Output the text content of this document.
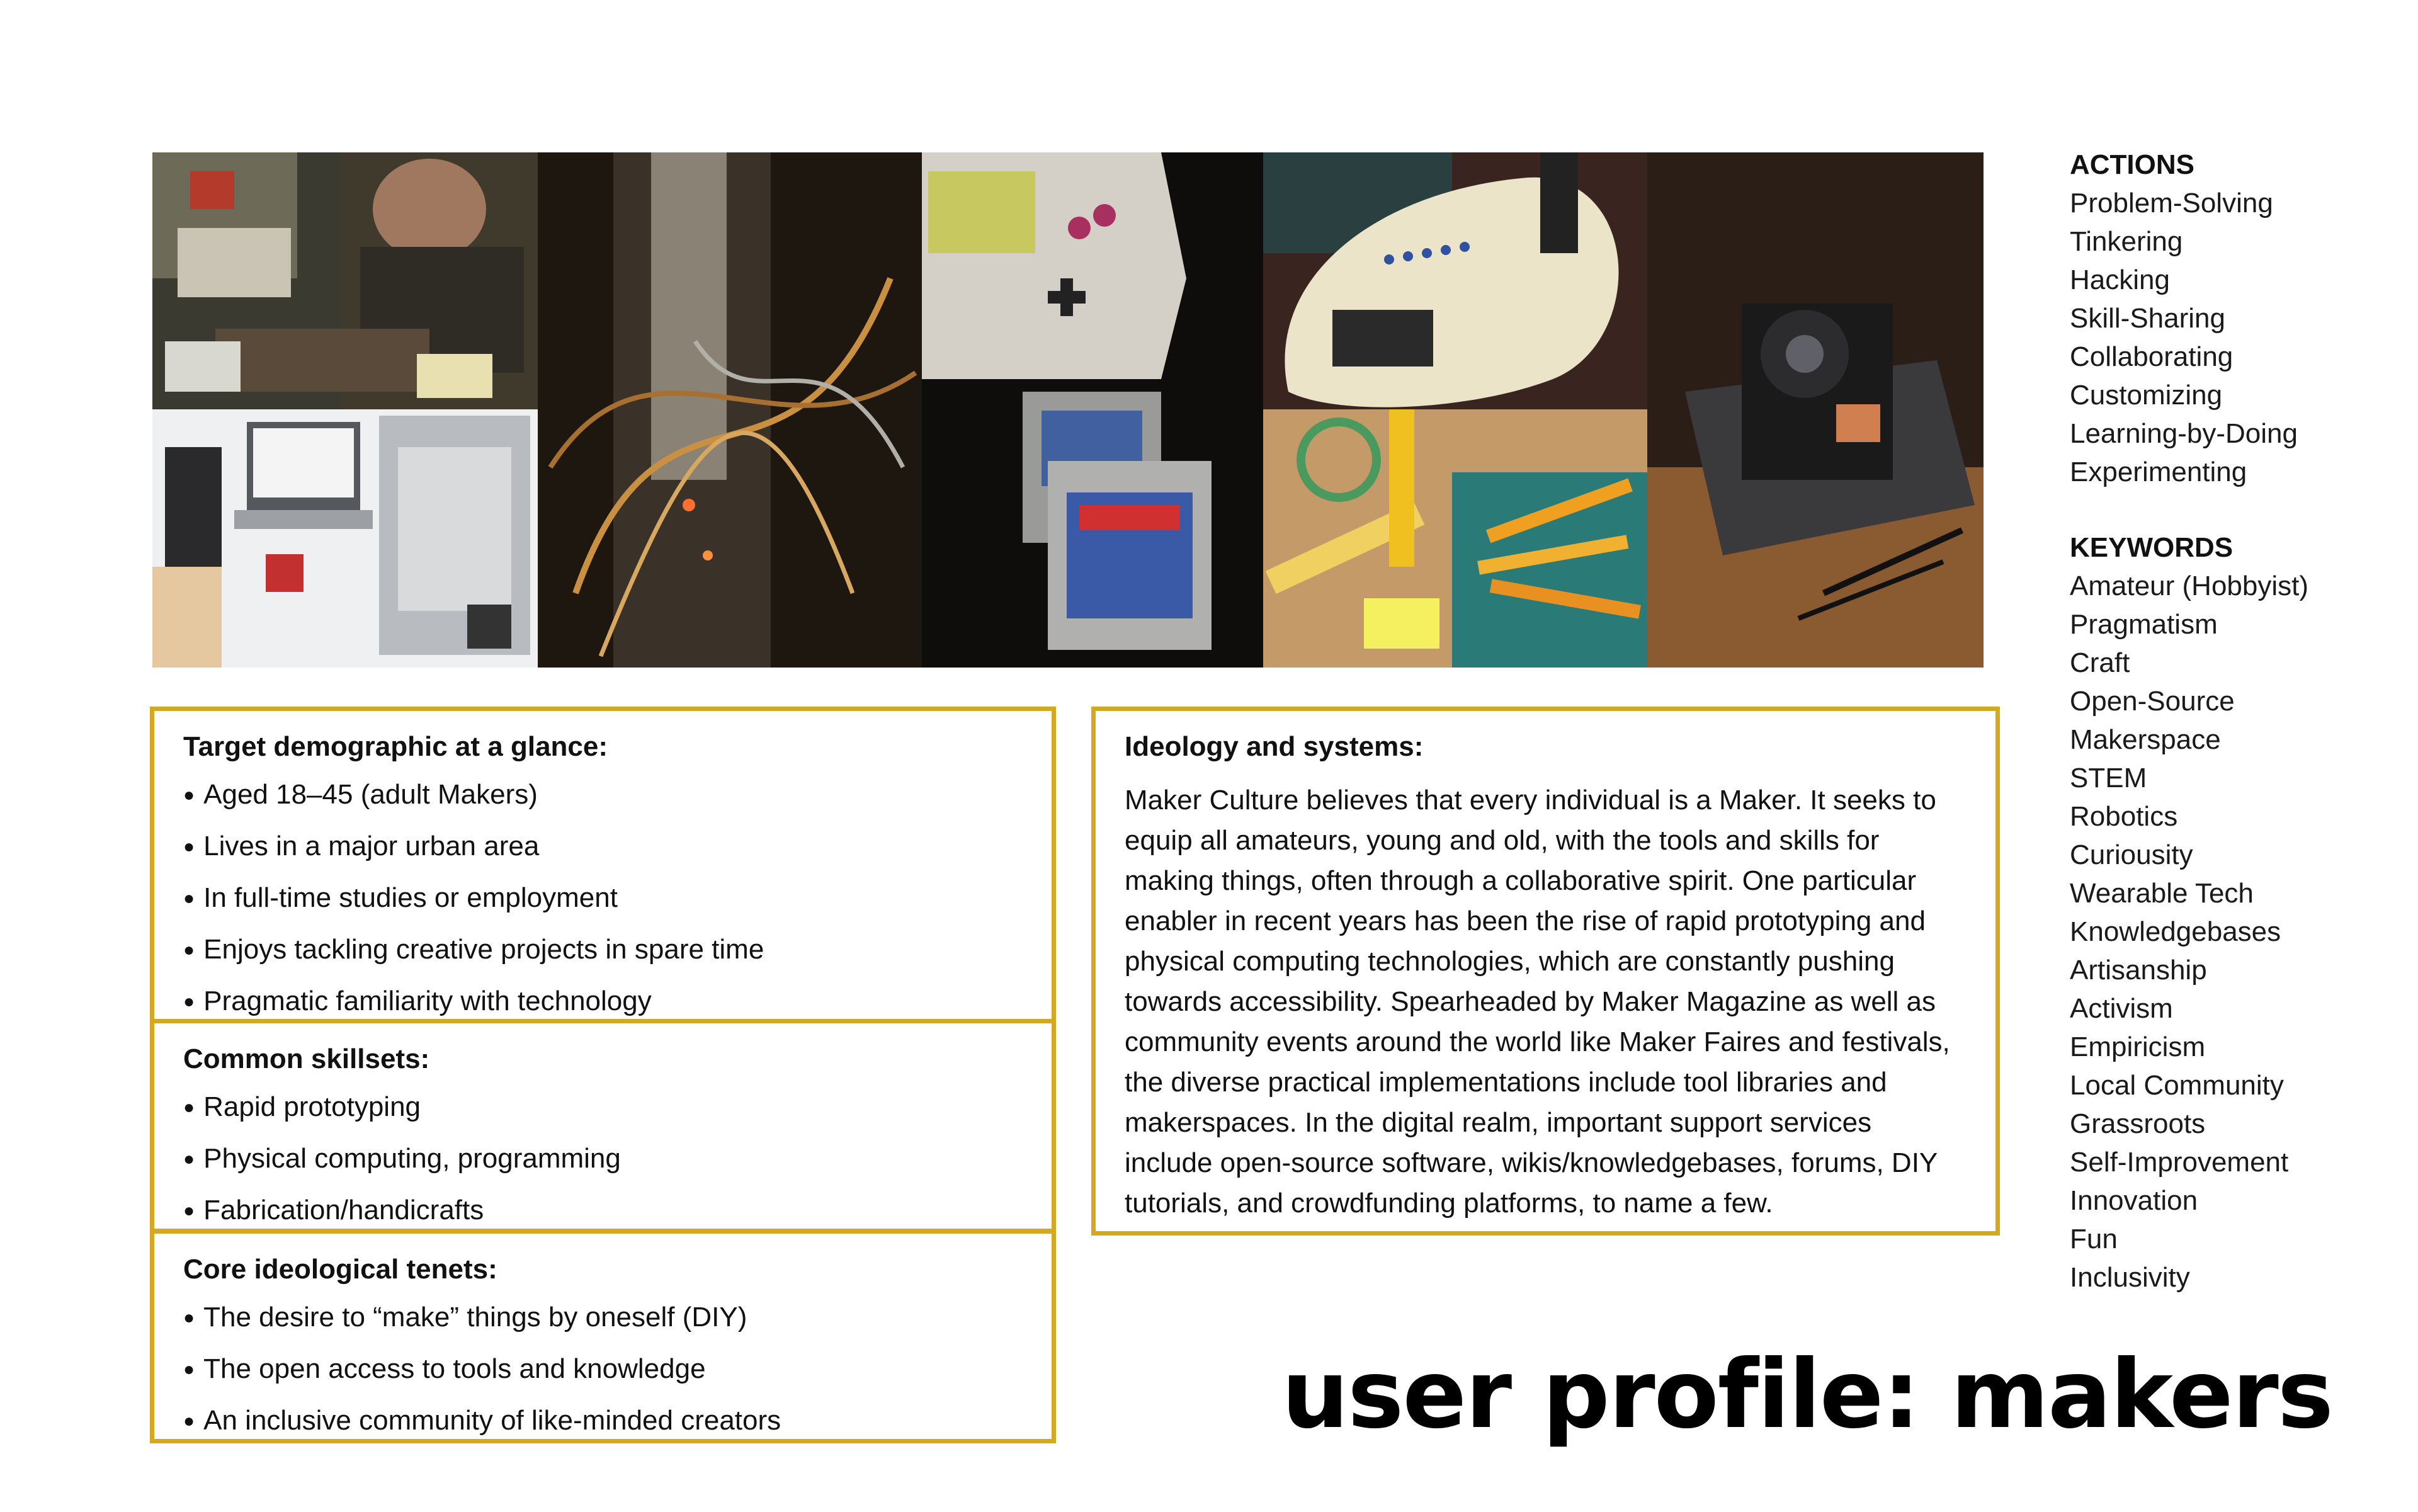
Target demographic at a glance:
● Aged 18–45 (adult Makers)
● Lives in a major urban area
● In full-time studies or employment
● Enjoys tackling creative projects in spare time
● Pragmatic familiarity with technology
Common skillsets:
● Rapid prototyping
● Physical computing, programming
● Fabrication/handicrafts
Core ideological tenets:
● The desire to “make” things by oneself (DIY)
● The open access to tools and knowledge
● An inclusive community of like-minded creators
Ideology and systems:

Maker Culture believes that every individual is a Maker. It seeks to equip all amateurs, young and old, with the tools and skills for making things, often through a collaborative spirit. One particular enabler in recent years has been the rise of rapid prototyping and physical computing technologies, which are constantly pushing towards accessibility. Spearheaded by Maker Magazine as well as community events around the world like Maker Faires and festivals, the diverse practical implementations include tool libraries and makerspaces. In the digital realm, important support services include open-source software, wikis/knowledgebases, forums, DIY tutorials, and crowdfunding platforms, to name a few.

ACTIONS
Problem-Solving
Tinkering
Hacking
Skill-Sharing
Collaborating
Customizing
Learning-by-Doing
Experimenting
KEYWORDS
Amateur (Hobbyist)
Pragmatism
Craft
Open-Source
Makerspace
STEM
Robotics
Curiousity
Wearable Tech
Knowledgebases
Artisanship
Activism
Empiricism
Local Community
Grassroots
Self-Improvement
Innovation
Fun
Inclusivity
user profile: makers
